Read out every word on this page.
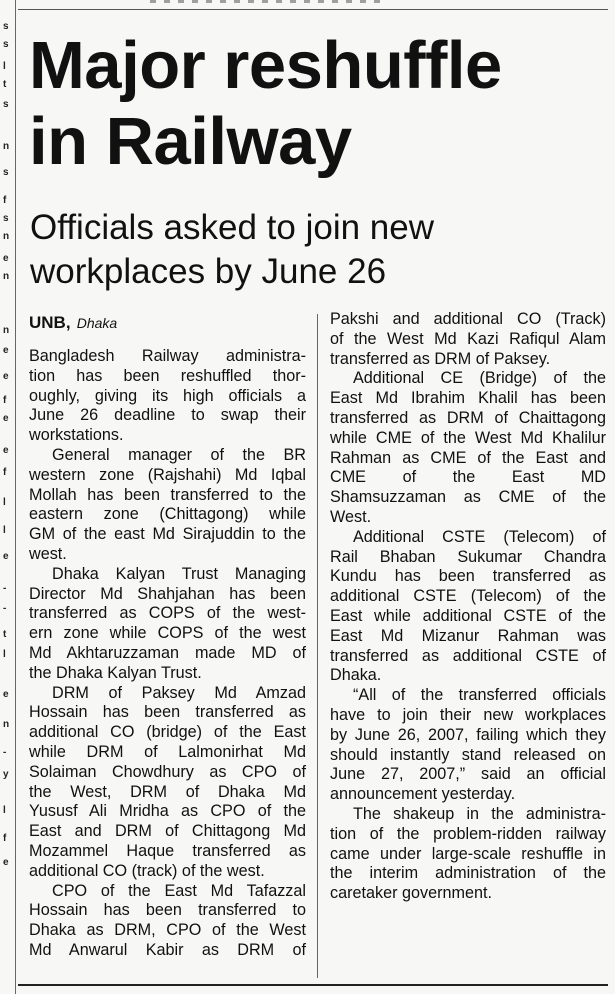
s
s
l
t
s
n
s
f
s
n
e
n
n
e
e
f
e
e
f
l
l
e
-
-
t
l
e
n
-
y
l
f
e
Major reshuffle
in Railway
Officials asked to join new
workplaces by June 26
UNB, Dhaka
Bangladesh Railway administra-
tion has been reshuffled thor-
oughly, giving its high officials a
June 26 deadline to swap their
workstations.
General manager of the BR
western zone (Rajshahi) Md Iqbal
Mollah has been transferred to the
eastern zone (Chittagong) while
GM of the east Md Sirajuddin to the
west.
Dhaka Kalyan Trust Managing
Director Md Shahjahan has been
transferred as COPS of the west-
ern zone while COPS of the west
Md Akhtaruzzaman made MD of
the Dhaka Kalyan Trust.
DRM of Paksey Md Amzad
Hossain has been transferred as
additional CO (bridge) of the East
while DRM of Lalmonirhat Md
Solaiman Chowdhury as CPO of
the West, DRM of Dhaka Md
Yususf Ali Mridha as CPO of the
East and DRM of Chittagong Md
Mozammel Haque transferred as
additional CO (track) of the west.
CPO of the East Md Tafazzal
Hossain has been transferred to
Dhaka as DRM, CPO of the West
Md Anwarul Kabir as DRM of
Pakshi and additional CO (Track)
of the West Md Kazi Rafiqul Alam
transferred as DRM of Paksey.
Additional CE (Bridge) of the
East Md Ibrahim Khalil has been
transferred as DRM of Chaittagong
while CME of the West Md Khalilur
Rahman as CME of the East and
CME of the East MD
Shamsuzzaman as CME of the
West.
Additional CSTE (Telecom) of
Rail Bhaban Sukumar Chandra
Kundu has been transferred as
additional CSTE (Telecom) of the
East while additional CSTE of the
East Md Mizanur Rahman was
transferred as additional CSTE of
Dhaka.
“All of the transferred officials
have to join their new workplaces
by June 26, 2007, failing which they
should instantly stand released on
June 27, 2007,” said an official
announcement yesterday.
The shakeup in the administra-
tion of the problem-ridden railway
came under large-scale reshuffle in
the interim administration of the
caretaker government.
